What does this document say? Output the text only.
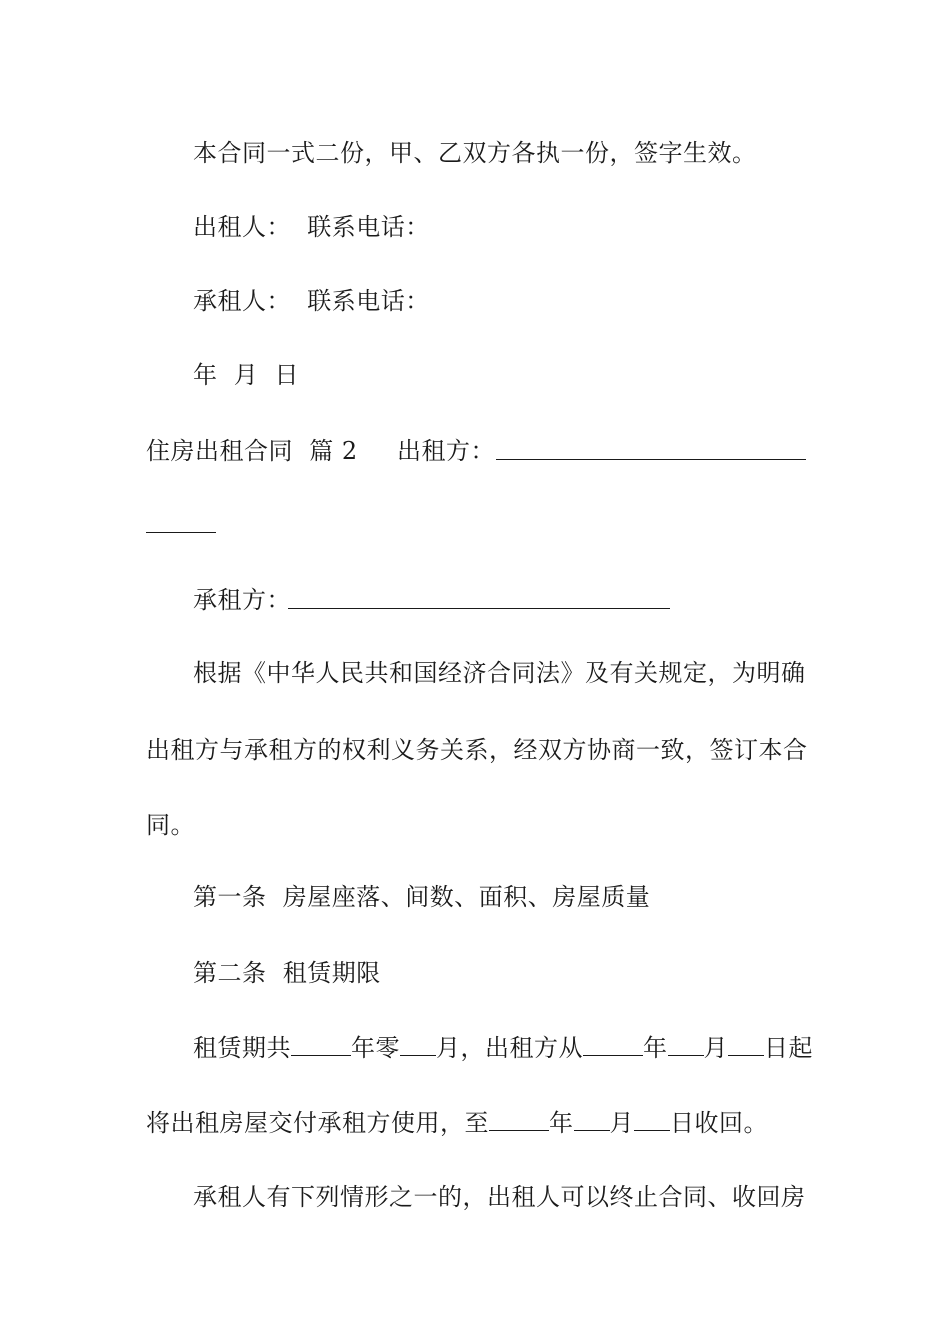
本合同一式二份，甲、乙双方各执一份，签字生效。
出租人：  联系电话：
承租人：  联系电话：
年  月  日
住房出租合同  篇 2 出租方：
承租方：
根据《中华人民共和国经济合同法》及有关规定，为明确
出租方与承租方的权利义务关系，经双方协商一致，签订本合
同。
第一条  房屋座落、间数、面积、房屋质量
第二条  租赁期限
租赁期共	年零 月，出租方从	年 月 日起
将出租房屋交付承租方使用，至	年 月 日收回。
承租人有下列情形之一的，出租人可以终止合同、收回房
